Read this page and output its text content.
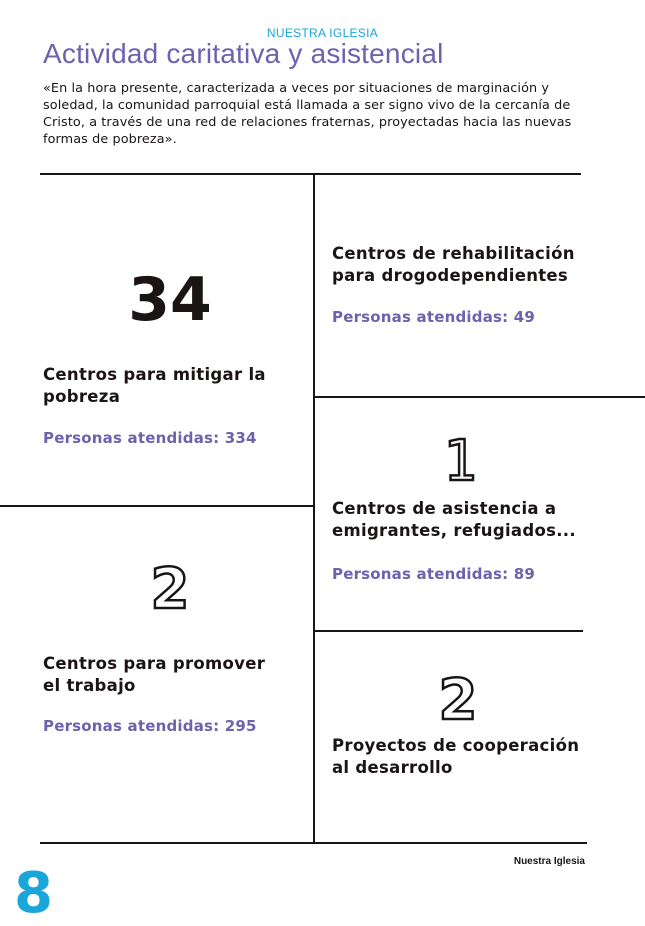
NUESTRA IGLESIA
Actividad caritativa y asistencial
«En la hora presente, caracterizada a veces por situaciones de marginación y soledad, la comunidad parroquial está llamada a ser signo vivo de la cercanía de Cristo, a través de una red de relaciones fraternas, proyectadas hacia las nuevas formas de pobreza».
34
Centros para mitigar la
pobreza
Personas atendidas: 334
Centros de rehabilitación
para drogodependientes
Personas atendidas: 49
1
Centros de asistencia a
emigrantes, refugiados...
Personas atendidas: 89
2
Centros para promover
el trabajo
Personas atendidas: 295	2
Proyectos de cooperación
al desarrollo
Nuestra Iglesia
8
